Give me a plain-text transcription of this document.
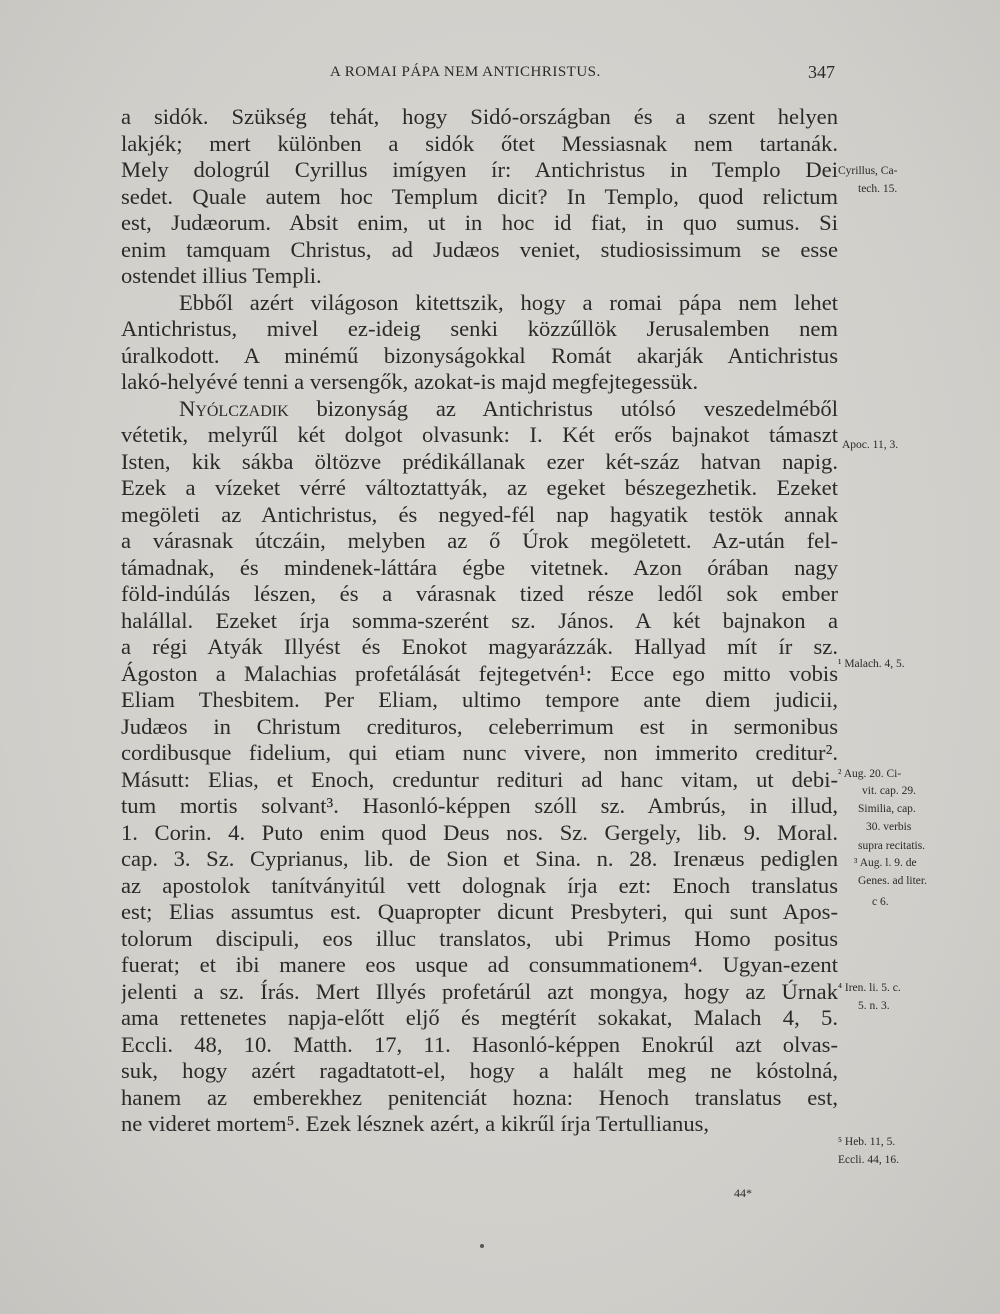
A ROMAI PÁPA NEM ANTICHRISTUS.	347
a sidók. Szükség tehát, hogy Sidó-országban és a szent helyen
lakjék; mert különben a sidók őtet Messiasnak nem tartanák.
Mely dologrúl Cyrillus imígyen ír: Antichristus in Templo Dei
sedet. Quale autem hoc Templum dicit? In Templo, quod relictum
est, Judæorum. Absit enim, ut in hoc id fiat, in quo sumus. Si
enim tamquam Christus, ad Judæos veniet, studiosissimum se esse
ostendet illius Templi.
Ebből azért világoson kitettszik, hogy a romai pápa nem lehet
Antichristus, mivel ez-ideig senki közzűllök Jerusalemben nem
úralkodott. A minémű bizonyságokkal Romát akarják Antichristus
lakó-helyévé tenni a versengők, azokat-is majd megfejtegessük.
Nyólczadik bizonyság az Antichristus utólsó veszedelméből
vétetik, melyrűl két dolgot olvasunk: I. Két erős bajnakot támaszt
Isten, kik sákba öltözve prédikállanak ezer két-száz hatvan napig.
Ezek a vízeket vérré változtattyák, az egeket bészegezhetik. Ezeket
megöleti az Antichristus, és negyed-fél nap hagyatik testök annak
a várasnak útczáin, melyben az ő Úrok megöletett. Az-után fel-
támadnak, és mindenek-láttára égbe vitetnek. Azon órában nagy
föld-indúlás lészen, és a várasnak tized része ledől sok ember
halállal. Ezeket írja somma-szerént sz. János. A két bajnakon a
a régi Atyák Illyést és Enokot magyarázzák. Hallyad mít ír sz.
Ágoston a Malachias profetálását fejtegetvén¹: Ecce ego mitto vobis
Eliam Thesbitem. Per Eliam, ultimo tempore ante diem judicii,
Judæos in Christum credituros, celeberrimum est in sermonibus
cordibusque fidelium, qui etiam nunc vivere, non immerito creditur².
Másutt: Elias, et Enoch, creduntur redituri ad hanc vitam, ut debi-
tum mortis solvant³. Hasonló-képpen szóll sz. Ambrús, in illud,
1. Corin. 4. Puto enim quod Deus nos. Sz. Gergely, lib. 9. Moral.
cap. 3. Sz. Cyprianus, lib. de Sion et Sina. n. 28. Irenæus pediglen
az apostolok tanítványitúl vett dolognak írja ezt: Enoch translatus
est; Elias assumtus est. Quapropter dicunt Presbyteri, qui sunt Apos-
tolorum discipuli, eos illuc translatos, ubi Primus Homo positus
fuerat; et ibi manere eos usque ad consummationem⁴. Ugyan-ezent
jelenti a sz. Írás. Mert Illyés profetárúl azt mongya, hogy az Úrnak
ama rettenetes napja-előtt eljő és megtérít sokakat, Malach 4, 5.
Eccli. 48, 10. Matth. 17, 11. Hasonló-képpen Enokrúl azt olvas-
suk, hogy azért ragadtatott-el, hogy a halált meg ne kóstolná,
hanem az emberekhez penitenciát hozna: Henoch translatus est,
ne videret mortem⁵. Ezek lésznek azért, a kikrűl írja Tertullianus,
Cyrillus, Ca-
tech. 15.
Apoc. 11, 3.
¹ Malach. 4, 5.
² Aug. 20. Ci-
vit. cap. 29.
Similia, cap.
30. verbis
supra recitatis.
³ Aug. l. 9. de
Genes. ad liter.
c 6.
⁴ Iren. li. 5. c.
5. n. 3.
⁵ Heb. 11, 5.
Eccli. 44, 16.
44*
